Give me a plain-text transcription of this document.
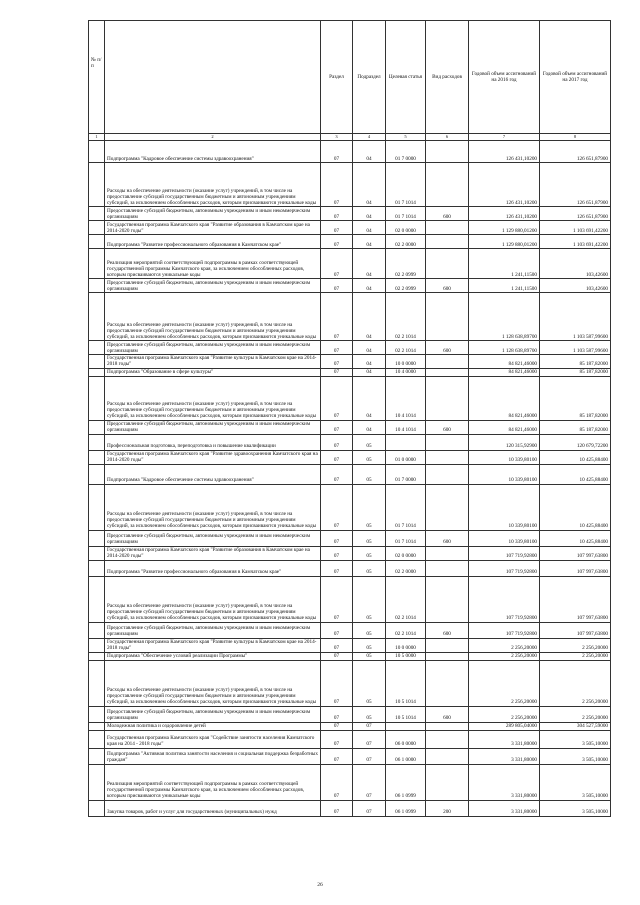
№ п/п		Раздел	Подраздел	Целевая статья	Вид расходов	Годовой объем ассигнований на 2016 год	Годовой объем ассигнований на 2017 год
1	2	3	4	5	6	7	8
	Подпрограмма "Кадровое обеспечение системы здравоохранения"	07	04	01 7 0000		126 431,10200	126 651,87900
	Расходы на обеспечение деятельности (оказание услуг) учреждений, в том числе на предоставление субсидий государственным бюджетным и автономным учреждениям субсидий, за исключением обособленных расходов, которым присваиваются уникальные коды	07	04	01 7 1014		126 431,10200	126 651,87900
	Предоставление субсидий бюджетным, автономным учреждениям и иным некоммерческим организациям	07	04	01 7 1014	600	126 431,10200	126 651,87900
	Государственная программа Камчатского края "Развитие образования в Камчатском крае на 2014-2020 годы"	07	04	02 0 0000		1 129 880,01200	1 103 691,42200
	Подпрограмма "Развитие профессионального образования в Камчатском крае"	07	04	02 2 0000		1 129 880,01200	1 103 691,42200
	Реализация мероприятий соответствующей подпрограммы в рамках соответствующей государственной программы Камчатского края, за исключением обособленных расходов, которым присваиваются уникальные коды	07	04	02 2 0999		1 241,11500	103,42600
	Предоставление субсидий бюджетным, автономным учреждениям и иным некоммерческим организациям	07	04	02 2 0999	600	1 241,11500	103,42600
	Расходы на обеспечение деятельности (оказание услуг) учреждений, в том числе на предоставление субсидий государственным бюджетным и автономным учреждениям субсидий, за исключением обособленных расходов, которым присваиваются уникальные коды	07	04	02 2 1014		1 128 638,89700	1 103 587,99600
	Предоставление субсидий бюджетным, автономным учреждениям и иным некоммерческим организациям	07	04	02 2 1014	600	1 128 638,89700	1 103 587,99600
	Государственная программа Камчатского края "Развитие культуры в Камчатском крае на 2014-2018 годы"	07	04	10 0 0000		84 821,46000	85 187,82000
	Подпрограмма "Образование в сфере культуры"	07	04	10 4 0000		84 821,46000	85 187,82000
	Расходы на обеспечение деятельности (оказание услуг) учреждений, в том числе на предоставление субсидий государственным бюджетным и автономным учреждениям субсидий, за исключением обособленных расходов, которым присваиваются уникальные коды	07	04	10 4 1014		84 821,46000	85 187,82000
	Предоставление субсидий бюджетным, автономным учреждениям и иным некоммерческим организациям	07	04	10 4 1014	600	84 821,46000	85 187,82000
	Профессиональная подготовка, переподготовка и повышение квалификации	07	05			120 315,92900	120 679,72200
	Государственная программа Камчатского края "Развитие здравоохранения Камчатского края на 2014-2020 годы"	07	05	01 0 0000		10 339,80100	10 425,88400
	Подпрограмма "Кадровое обеспечение системы здравоохранения"	07	05	01 7 0000		10 339,80100	10 425,88400
	Расходы на обеспечение деятельности (оказание услуг) учреждений, в том числе на предоставление субсидий государственным бюджетным и автономным учреждениям субсидий, за исключением обособленных расходов, которым присваиваются уникальные коды	07	05	01 7 1014		10 339,80100	10 425,88400
	Предоставление субсидий бюджетным, автономным учреждениям и иным некоммерческим организациям	07	05	01 7 1014	600	10 339,80100	10 425,88400
	Государственная программа Камчатского края "Развитие образования в Камчатском крае на 2014-2020 годы"	07	05	02 0 0000		107 719,92800	107 997,63800
	Подпрограмма "Развитие профессионального образования в Камчатском крае"	07	05	02 2 0000		107 719,92800	107 997,63800
	Расходы на обеспечение деятельности (оказание услуг) учреждений, в том числе на предоставление субсидий государственным бюджетным и автономным учреждениям субсидий, за исключением обособленных расходов, которым присваиваются уникальные коды	07	05	02 2 1014		107 719,92800	107 997,63800
	Предоставление субсидий бюджетным, автономным учреждениям и иным некоммерческим организациям	07	05	02 2 1014	600	107 719,92800	107 997,63800
	Государственная программа Камчатского края "Развитие культуры в Камчатском крае на 2014-2018 годы"	07	05	10 0 0000		2 256,20000	2 256,20000
	Подпрограмма "Обеспечение условий реализации Программы"	07	05	10 5 0000		2 256,20000	2 256,20000
	Расходы на обеспечение деятельности (оказание услуг) учреждений, в том числе на предоставление субсидий государственным бюджетным и автономным учреждениям субсидий, за исключением обособленных расходов, которым присваиваются уникальные коды	07	05	10 5 1014		2 256,20000	2 256,20000
	Предоставление субсидий бюджетным, автономным учреждениям и иным некоммерческим организациям	07	05	10 5 1014	600	2 256,20000	2 256,20000
	Молодежная политика и оздоровление детей	07	07			289 805,04000	304 527,59000
	Государственная программа Камчатского края "Содействие занятости населения Камчатского края на 2014 - 2018 годы"	07	07	06 0 0000		3 331,80000	3 505,10000
	Подпрограмма "Активная политика занятости населения и социальная поддержка безработных граждан"	07	07	06 1 0000		3 331,80000	3 505,10000
	Реализация мероприятий соответствующей подпрограммы в рамках соответствующей государственной программы Камчатского края, за исключением обособленных расходов, которым присваиваются уникальные коды	07	07	06 1 0999		3 331,80000	3 505,10000
	Закупка товаров, работ и услуг для государственных (муниципальных) нужд	07	07	06 1 0999	200	3 331,80000	3 505,10000
26
